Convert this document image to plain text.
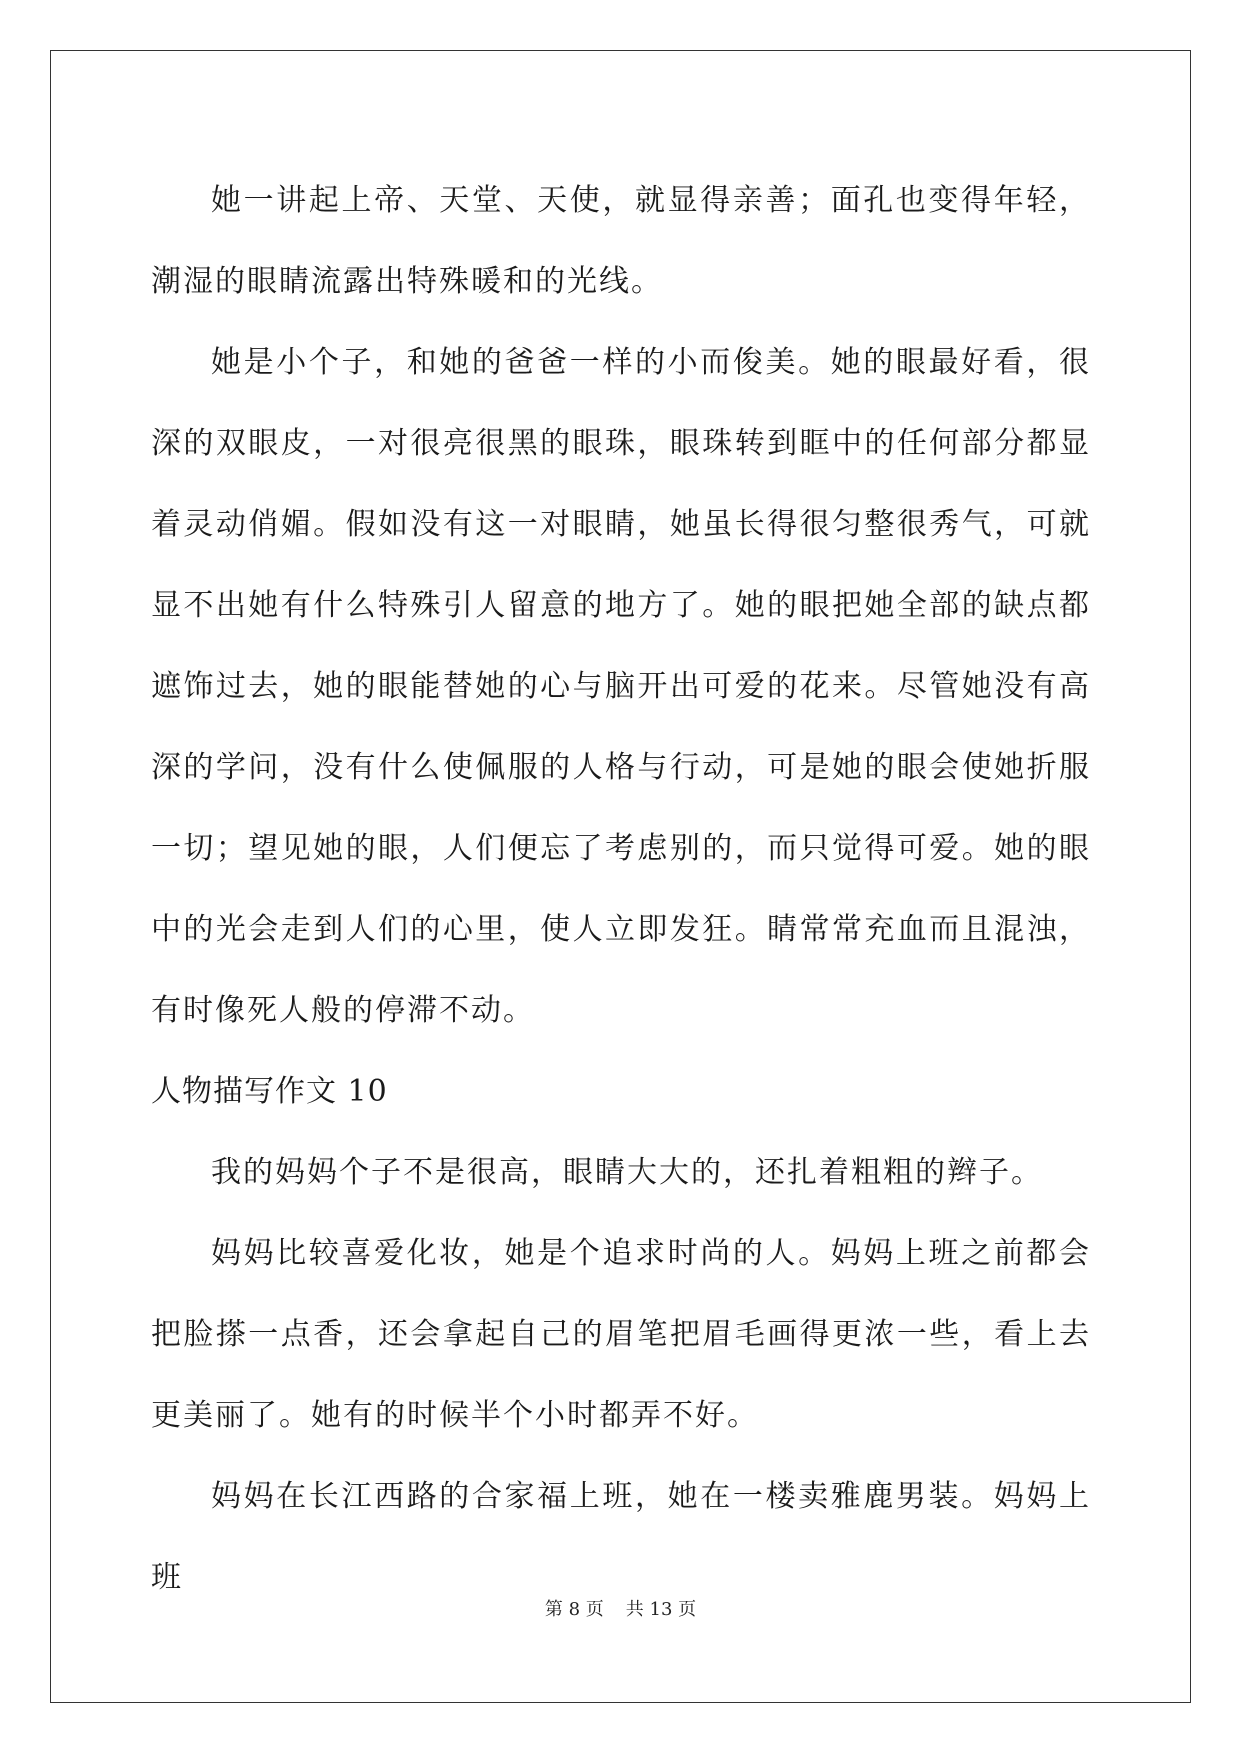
她一讲起上帝、天堂、天使，就显得亲善；面孔也变得年轻，潮湿的眼睛流露出特殊暖和的光线。

她是小个子，和她的爸爸一样的小而俊美。她的眼最好看，很深的双眼皮，一对很亮很黑的眼珠，眼珠转到眶中的任何部分都显着灵动俏媚。假如没有这一对眼睛，她虽长得很匀整很秀气，可就显不出她有什么特殊引人留意的地方了。她的眼把她全部的缺点都遮饰过去，她的眼能替她的心与脑开出可爱的花来。尽管她没有高深的学问，没有什么使佩服的人格与行动，可是她的眼会使她折服一切；望见她的眼，人们便忘了考虑别的，而只觉得可爱。她的眼中的光会走到人们的心里，使人立即发狂。睛常常充血而且混浊，有时像死人般的停滞不动。

人物描写作文 10

我的妈妈个子不是很高，眼睛大大的，还扎着粗粗的辫子。

妈妈比较喜爱化妆，她是个追求时尚的人。妈妈上班之前都会把脸搽一点香，还会拿起自己的眉笔把眉毛画得更浓一些，看上去更美丽了。她有的时候半个小时都弄不好。

妈妈在长江西路的合家福上班，她在一楼卖雅鹿男装。妈妈上班

第 8 页 共 13 页
